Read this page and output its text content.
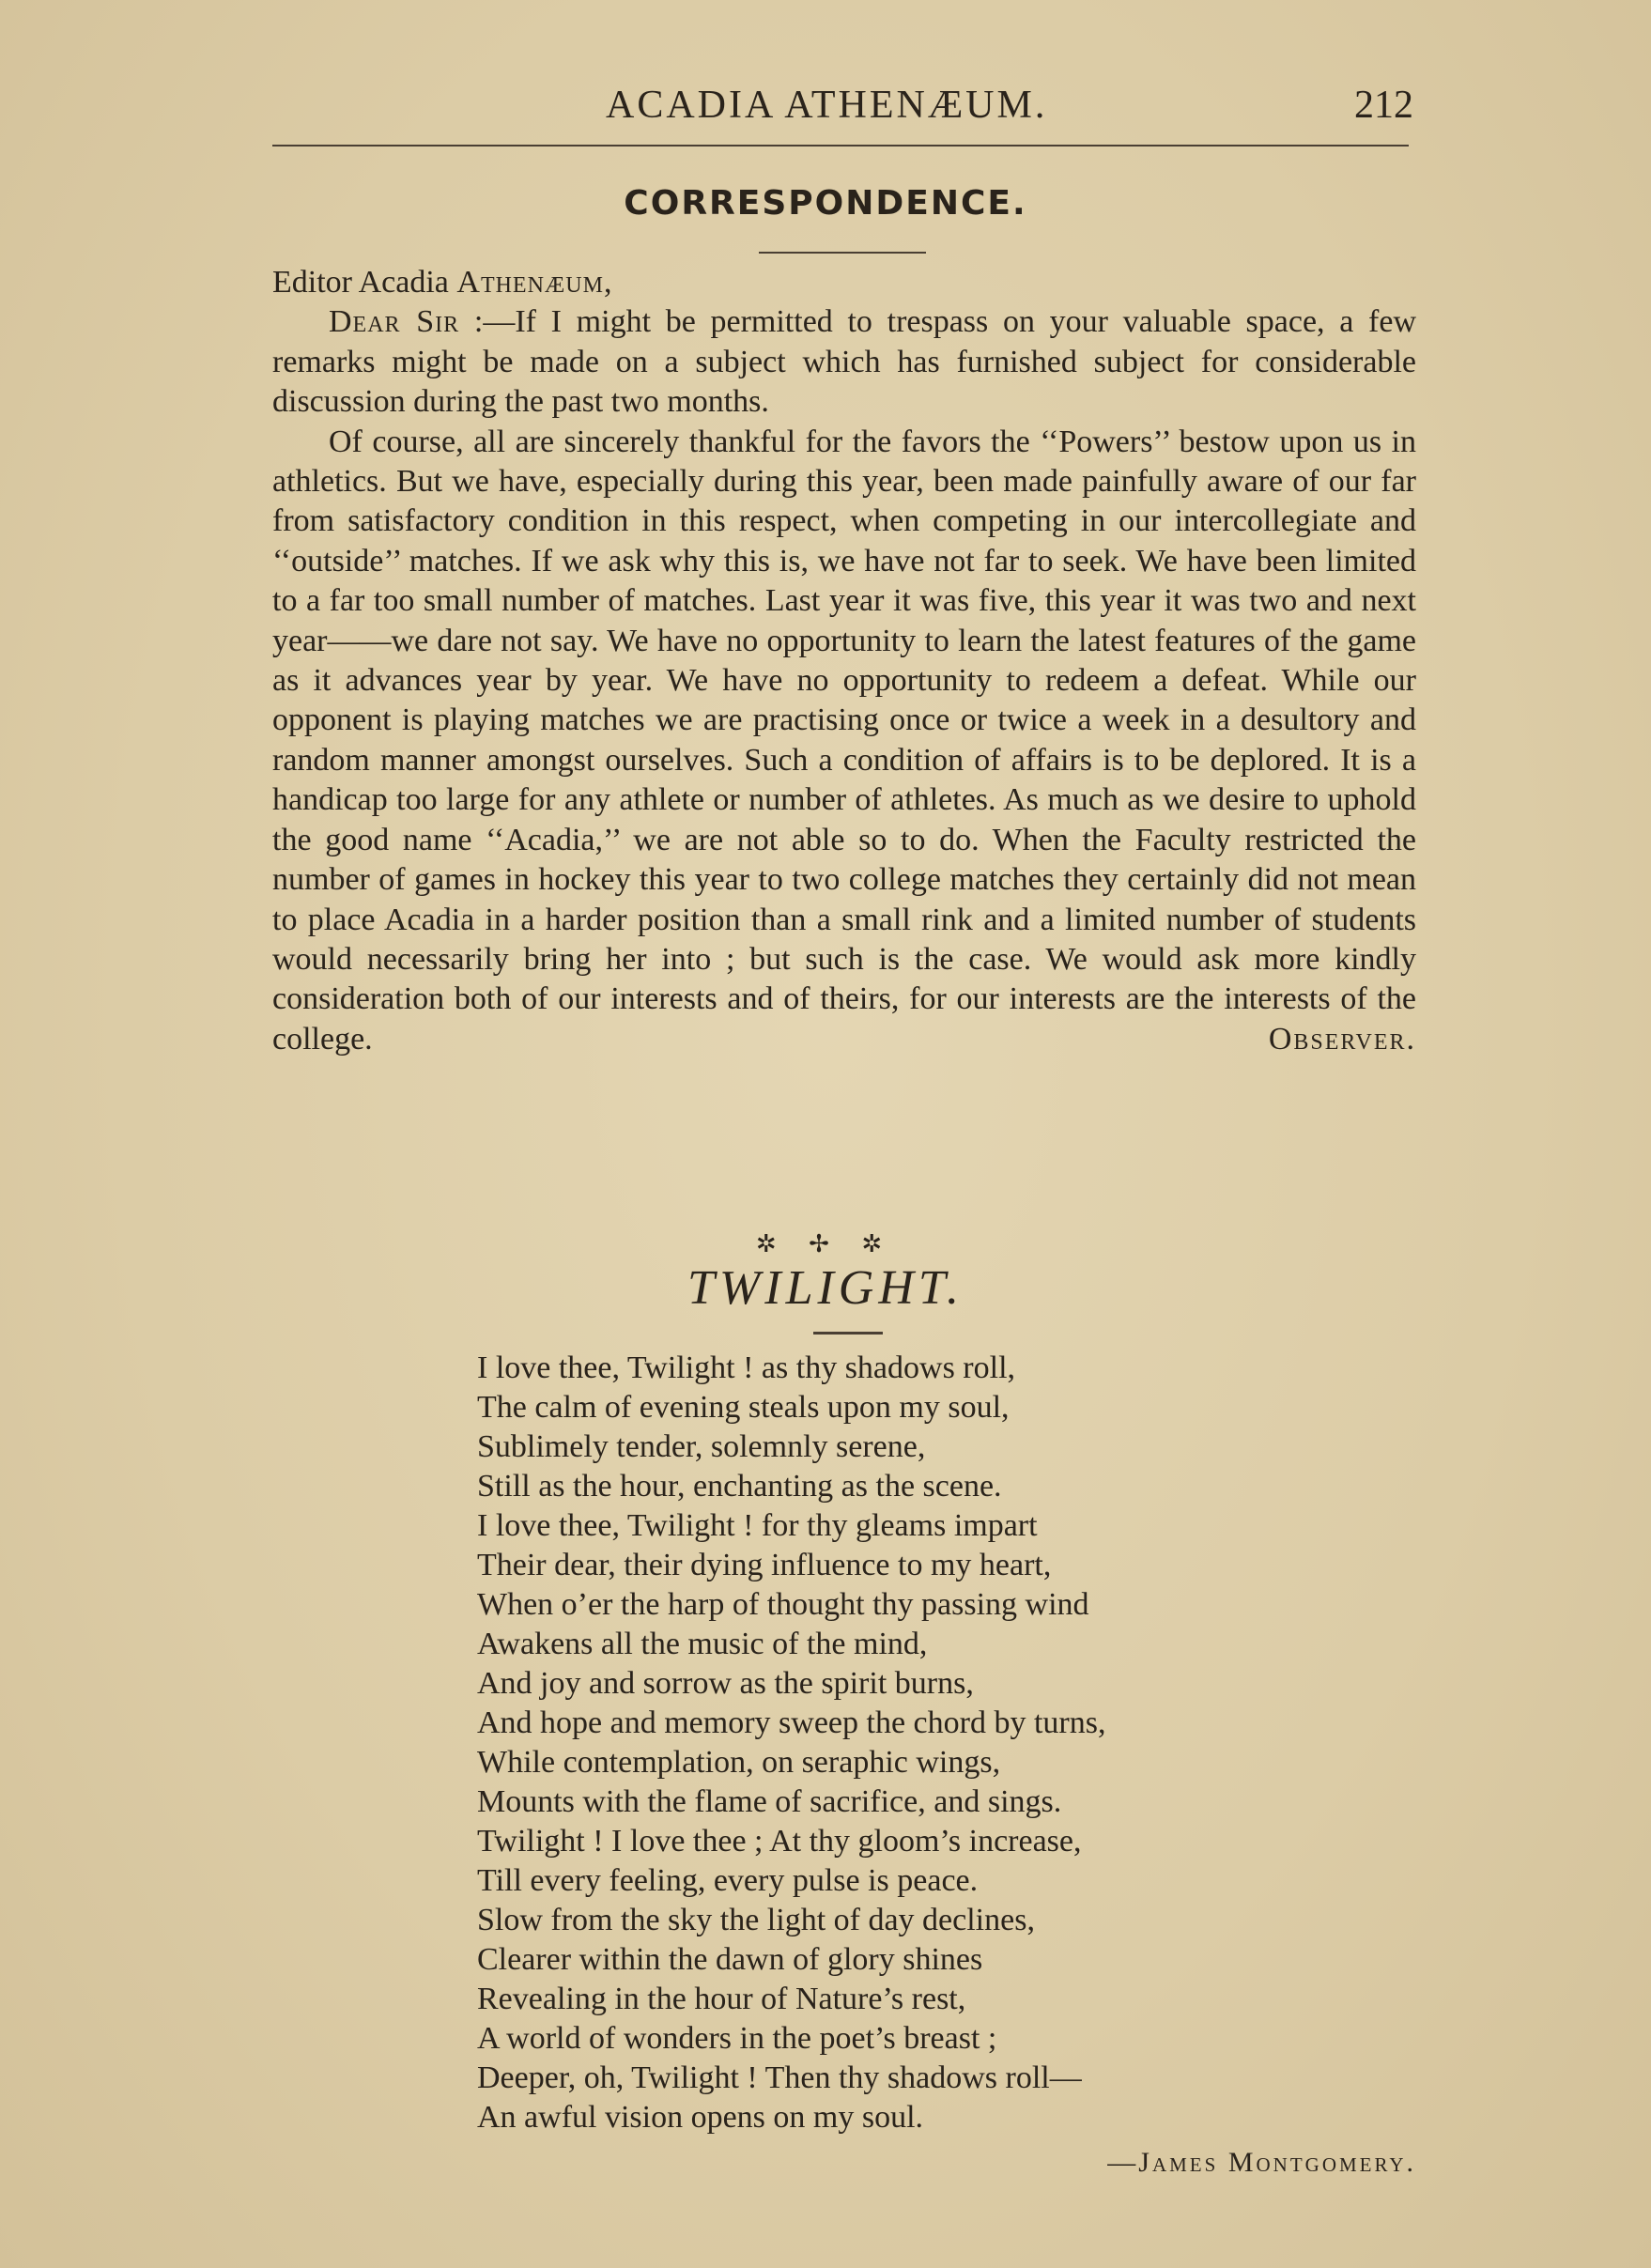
ACADIA ATHENÆUM.	212
CORRESPONDENCE.

Editor Acadia Athenæum,

Dear Sir :—If I might be permitted to trespass on your valuable space, a few remarks might be made on a subject which has furnished subject for considerable discussion during the past two months.

Of course, all are sincerely thankful for the favors the ‘‘Powers’’ bestow upon us in athletics. But we have, especially during this year, been made painfully aware of our far from satisfactory condition in this respect, when competing in our intercollegiate and ‘‘outside’’ matches. If we ask why this is, we have not far to seek. We have been limited to a far too small number of matches. Last year it was five, this year it was two and next year——we dare not say. We have no opportunity to learn the latest features of the game as it advances year by year. We have no opportunity to redeem a defeat. While our opponent is playing matches we are practising once or twice a week in a desultory and random manner amongst ourselves. Such a condition of affairs is to be deplored. It is a handicap too large for any athlete or number of athletes. As much as we desire to uphold the good name ‘‘Acadia,’’ we are not able so to do. When the Faculty restricted the number of games in hockey this year to two college matches they certainly did not mean to place Acadia in a harder position than a small rink and a limited number of students would necessarily bring her into ; but such is the case. We would ask more kindly consideration both of our interests and of theirs, for our interests are the interests of the college.	Observer.

✲ ✢ ✲
TWILIGHT.
I love thee, Twilight ! as thy shadows roll,
The calm of evening steals upon my soul,
Sublimely tender, solemnly serene,
Still as the hour, enchanting as the scene.
I love thee, Twilight ! for thy gleams impart
Their dear, their dying influence to my heart,
When o’er the harp of thought thy passing wind
Awakens all the music of the mind,
And joy and sorrow as the spirit burns,
And hope and memory sweep the chord by turns,
While contemplation, on seraphic wings,
Mounts with the flame of sacrifice, and sings.
Twilight ! I love thee ; At thy gloom’s increase,
Till every feeling, every pulse is peace.
Slow from the sky the light of day declines,
Clearer within the dawn of glory shines
Revealing in the hour of Nature’s rest,
A world of wonders in the poet’s breast ;
Deeper, oh, Twilight ! Then thy shadows roll—
An awful vision opens on my soul.
—James Montgomery.
